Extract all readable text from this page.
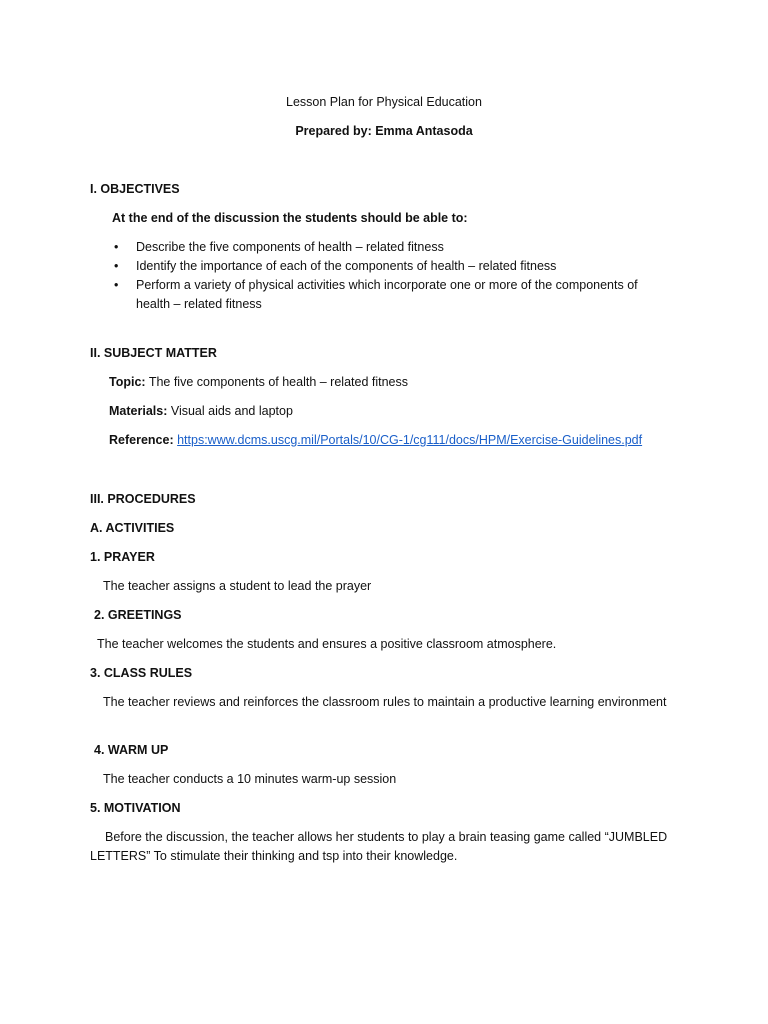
Lesson Plan for Physical Education
Prepared by: Emma Antasoda
I. OBJECTIVES
At the end of the discussion the students should be able to:
• Describe the five components of health – related fitness
• Identify the importance of each of the components of health – related fitness
• Perform a variety of physical activities which incorporate one or more of the components of health – related fitness
II. SUBJECT MATTER
Topic: The five components of health – related fitness
Materials: Visual aids and laptop
Reference: https:www.dcms.uscg.mil/Portals/10/CG-1/cg111/docs/HPM/Exercise-Guidelines.pdf
III. PROCEDURES
A. ACTIVITIES
1. PRAYER
The teacher assigns a student to lead the prayer
2. GREETINGS
The teacher welcomes the students and ensures a positive classroom atmosphere.
3. CLASS RULES
The teacher reviews and reinforces the classroom rules to maintain a productive learning environment
4. WARM UP
The teacher conducts a 10 minutes warm-up session
5. MOTIVATION
Before the discussion, the teacher allows her students to play a brain teasing game called “JUMBLED LETTERS” To stimulate their thinking and tsp into their knowledge.
